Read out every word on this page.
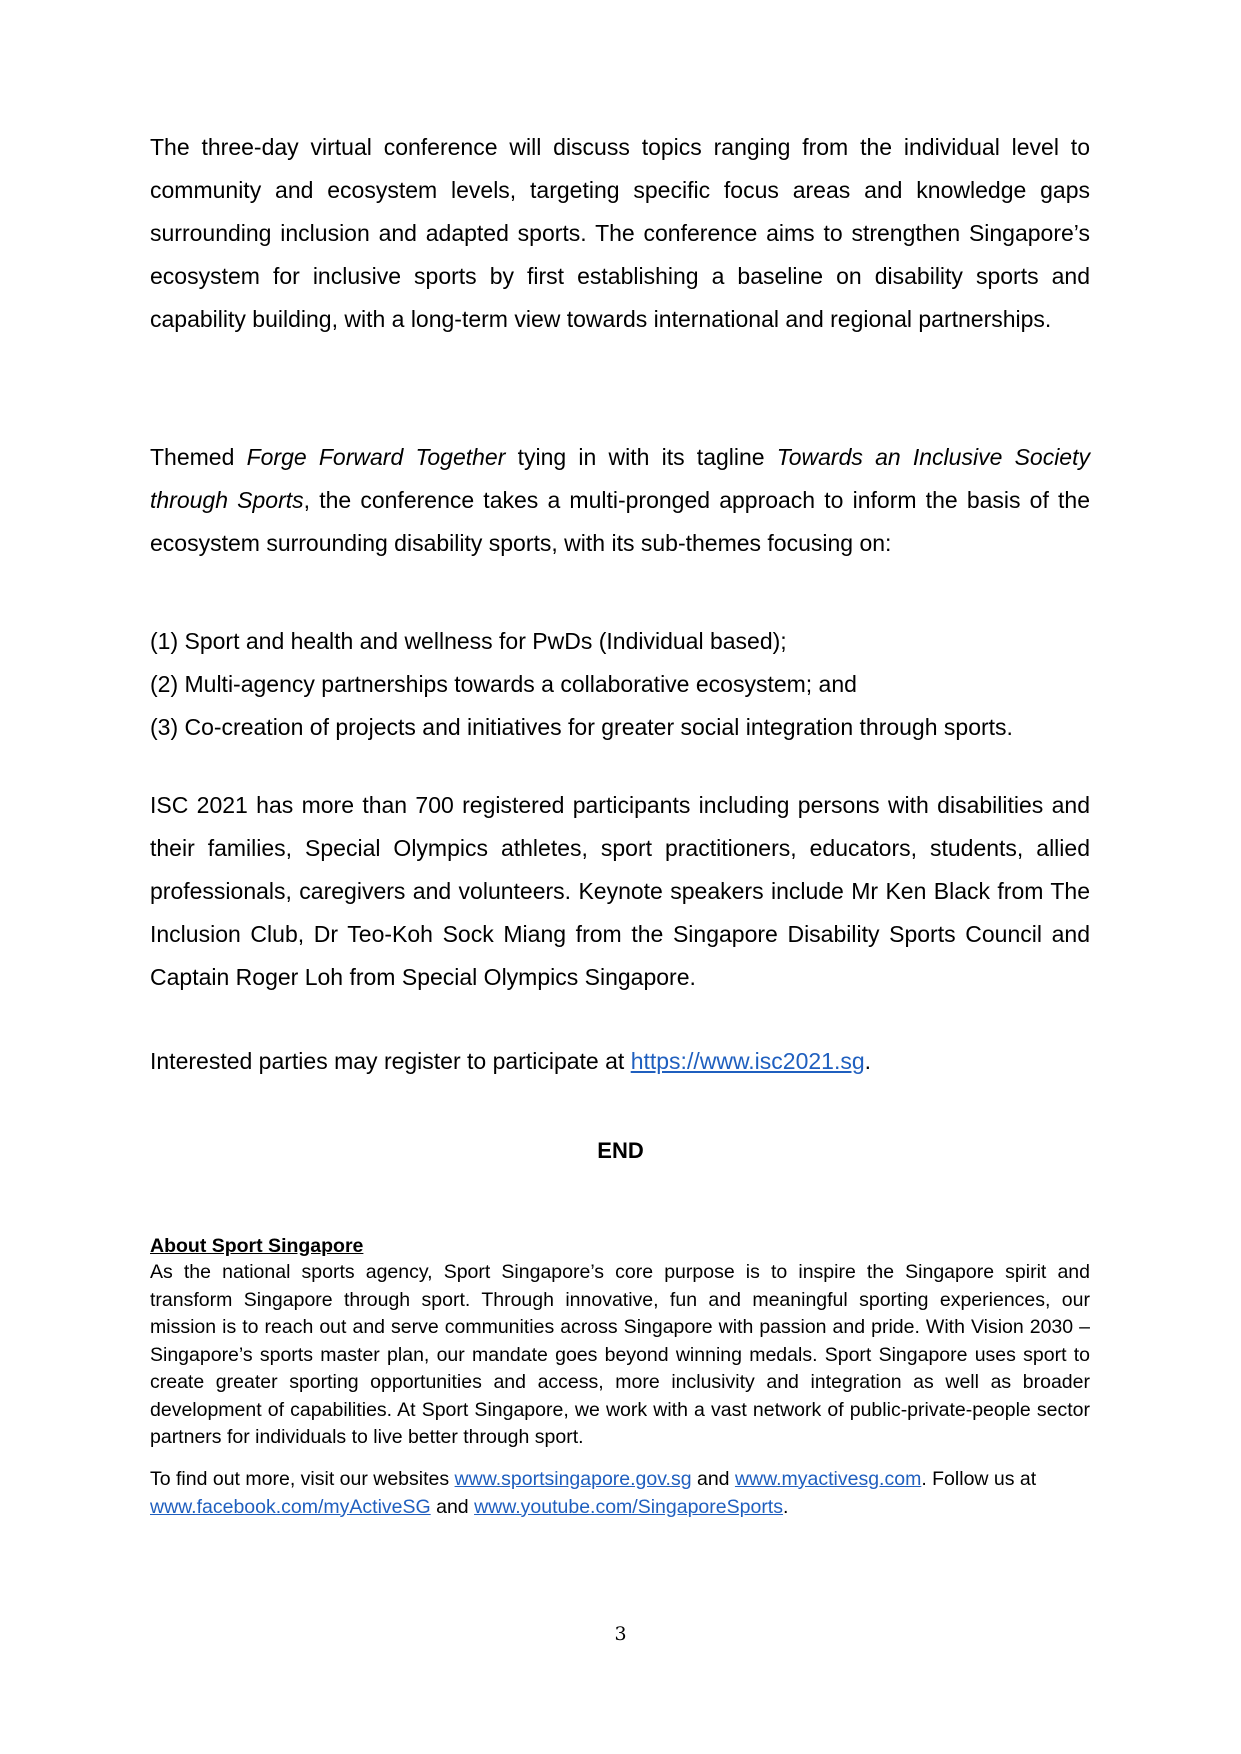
The three-day virtual conference will discuss topics ranging from the individual level to community and ecosystem levels, targeting specific focus areas and knowledge gaps surrounding inclusion and adapted sports. The conference aims to strengthen Singapore’s ecosystem for inclusive sports by first establishing a baseline on disability sports and capability building, with a long-term view towards international and regional partnerships.

Themed Forge Forward Together tying in with its tagline Towards an Inclusive Society through Sports, the conference takes a multi-pronged approach to inform the basis of the ecosystem surrounding disability sports, with its sub-themes focusing on:

(1) Sport and health and wellness for PwDs (Individual based);
(2) Multi-agency partnerships towards a collaborative ecosystem; and
(3) Co-creation of projects and initiatives for greater social integration through sports.

ISC 2021 has more than 700 registered participants including persons with disabilities and their families, Special Olympics athletes, sport practitioners, educators, students, allied professionals, caregivers and volunteers. Keynote speakers include Mr Ken Black from The Inclusion Club, Dr Teo-Koh Sock Miang from the Singapore Disability Sports Council and Captain Roger Loh from Special Olympics Singapore.

Interested parties may register to participate at https://www.isc2021.sg.

END

About Sport Singapore

As the national sports agency, Sport Singapore’s core purpose is to inspire the Singapore spirit and transform Singapore through sport. Through innovative, fun and meaningful sporting experiences, our mission is to reach out and serve communities across Singapore with passion and pride. With Vision 2030 – Singapore’s sports master plan, our mandate goes beyond winning medals. Sport Singapore uses sport to create greater sporting opportunities and access, more inclusivity and integration as well as broader development of capabilities. At Sport Singapore, we work with a vast network of public-private-people sector partners for individuals to live better through sport.

To find out more, visit our websites www.sportsingapore.gov.sg and www.myactivesg.com. Follow us at www.facebook.com/myActiveSG and www.youtube.com/SingaporeSports.

3
